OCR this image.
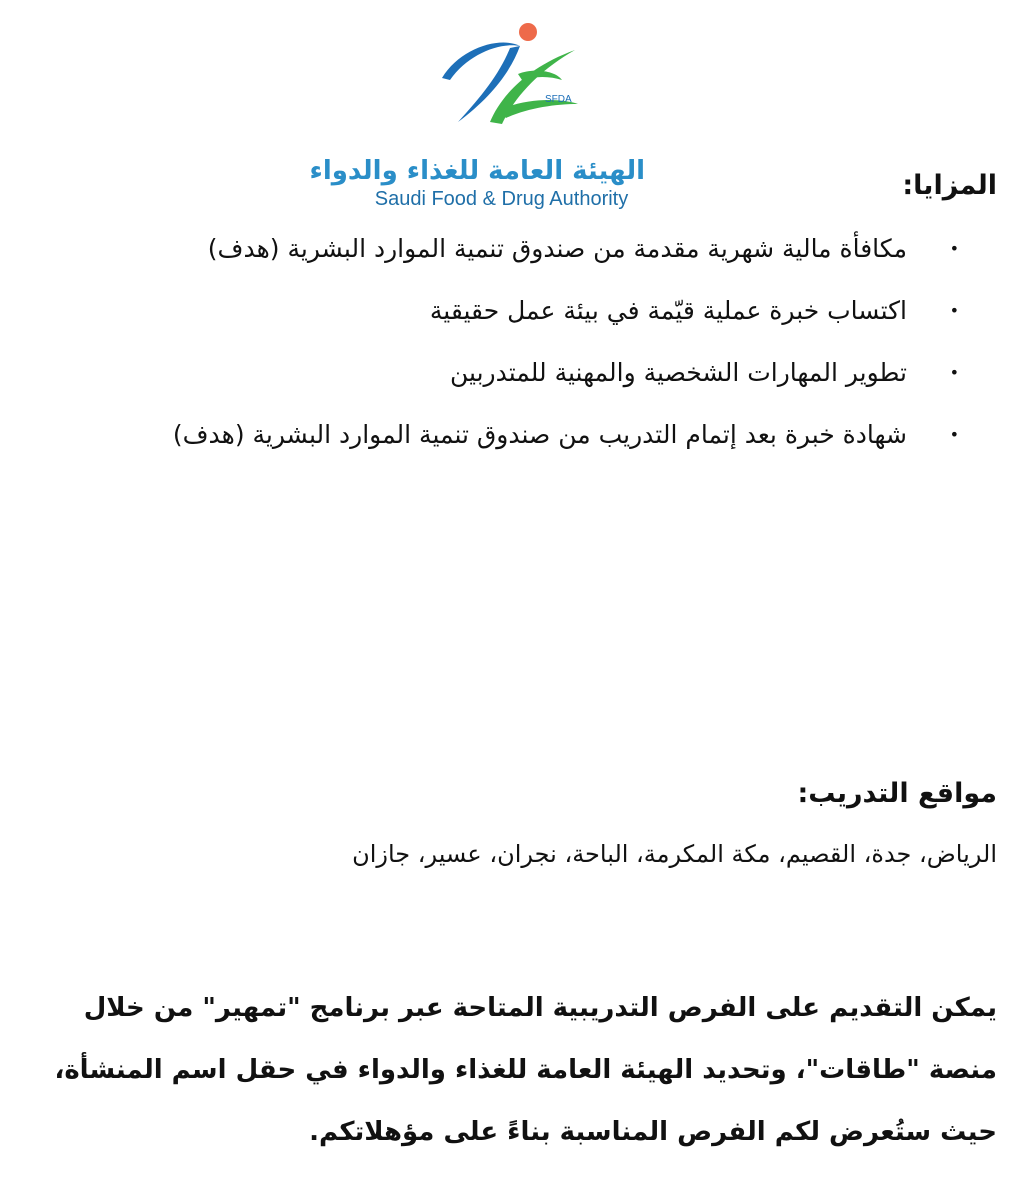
SFDA
الهيئة العامة للغذاء والدواء
Saudi Food & Drug Authority	المزايا:
•
مكافأة مالية شهرية مقدمة من صندوق تنمية الموارد البشرية (هدف)
•
اكتساب خبرة عملية قيّمة في بيئة عمل حقيقية
•
تطوير المهارات الشخصية والمهنية للمتدربين
•
شهادة خبرة بعد إتمام التدريب من صندوق تنمية الموارد البشرية (هدف)
مواقع التدريب:
الرياض، جدة، القصيم، مكة المكرمة، الباحة، نجران، عسير، جازان
يمكن التقديم على الفرص التدريبية المتاحة عبر برنامج "تمهير" من خلال منصة "طاقات"، وتحديد الهيئة العامة للغذاء والدواء في حقل اسم المنشأة، حيث ستُعرض لكم الفرص المناسبة بناءً على مؤهلاتكم.
